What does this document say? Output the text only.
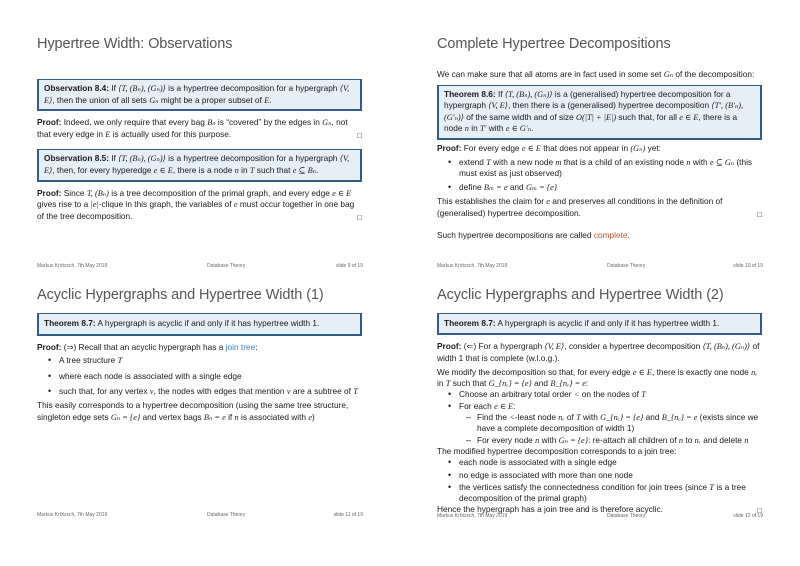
Hypertree Width: Observations
Observation 8.4: If ⟨T, (Bₙ), (Gₙ)⟩ is a hypertree decomposition for a hypergraph ⟨V, E⟩, then the union of all sets Gₙ might be a proper subset of E.

Proof: Indeed, we only require that every bag Bₙ is “covered” by the edges in Gₙ, not that every edge in E is actually used for this purpose.	□

Observation 8.5: If ⟨T, (Bₙ), (Gₙ)⟩ is a hypertree decomposition for a hypergraph ⟨V, E⟩, then, for every hyperedge e ∈ E, there is a node n in T such that e ⊆ Bₙ.

Proof: Since T, (Bₙ) is a tree decomposition of the primal graph, and every edge e ∈ E gives rise to a |e|-clique in this graph, the variables of e must occur together in one bag of the tree decomposition.	□

Markus Krötzsch, 7th May 2019	Database Theory	slide 9 of 19
Complete Hypertree Decompositions

We can make sure that all atoms are in fact used in some set Gₙ of the decomposition:

Theorem 8.6: If ⟨T, (Bₙ), (Gₙ)⟩ is a (generalised) hypertree decomposition for a hypergraph ⟨V, E⟩, then there is a (generalised) hypertree decomposition ⟨T′, (B′ₙ), (G′ₙ)⟩ of the same width and of size O(|T| + |E|) such that, for all e ∈ E, there is a node n in T′ with e ∈ G′ₙ.

Proof: For every edge e ∈ E that does not appear in (Gₙ) yet:

• extend T with a new node m that is a child of an existing node n with e ⊆ Gₙ (this must exist as just observed)
• define Bₘ = e and Gₘ = {e}

This establishes the claim for e and preserves all conditions in the definition of (generalised) hypertree decomposition.	□

Such hypertree decompositions are called complete.

Markus Krötzsch, 7th May 2019	Database Theory	slide 10 of 19
Acyclic Hypergraphs and Hypertree Width (1)
Theorem 8.7: A hypergraph is acyclic if and only if it has hypertree width 1.

Proof: (⇒) Recall that an acyclic hypergraph has a join tree:

• A tree structure T
• where each node is associated with a single edge
• such that, for any vertex v, the nodes with edges that mention v are a subtree of T

This easily corresponds to a hypertree decomposition (using the same tree structure, singleton edge sets Gₙ = {e} and vertex bags Bₙ = e if n is associated with e)

Markus Krötzsch, 7th May 2019	Database Theory	slide 11 of 19
Acyclic Hypergraphs and Hypertree Width (2)
Theorem 8.7: A hypergraph is acyclic if and only if it has hypertree width 1.

Proof: (⇐) For a hypergraph ⟨V, E⟩, consider a hypertree decomposition ⟨T, (Bₙ), (Gₙ)⟩ of width 1 that is complete (w.l.o.g.).

We modify the decomposition so that, for every edge e ∈ E, there is exactly one node nₑ in T such that G_{nₑ} = {e} and B_{nₑ} = e:

• Choose an arbitrary total order < on the nodes of T
• For each e ∈ E:
– Find the <-least node nₑ of T with G_{nₑ} = {e} and B_{nₑ} = e (exists since we have a complete decomposition of width 1)
– For every node n with Gₙ = {e}: re-attach all children of n to nₑ and delete n

The modified hypertree decomposition corresponds to a join tree:

• each node is associated with a single edge
• no edge is associated with more than one node
• the vertices satisfy the connectedness condition for join trees (since T is a tree decomposition of the primal graph)

Hence the hypergraph has a join tree and is therefore acyclic.	□

Markus Krötzsch, 7th May 2019	Database Theory	slide 12 of 19
